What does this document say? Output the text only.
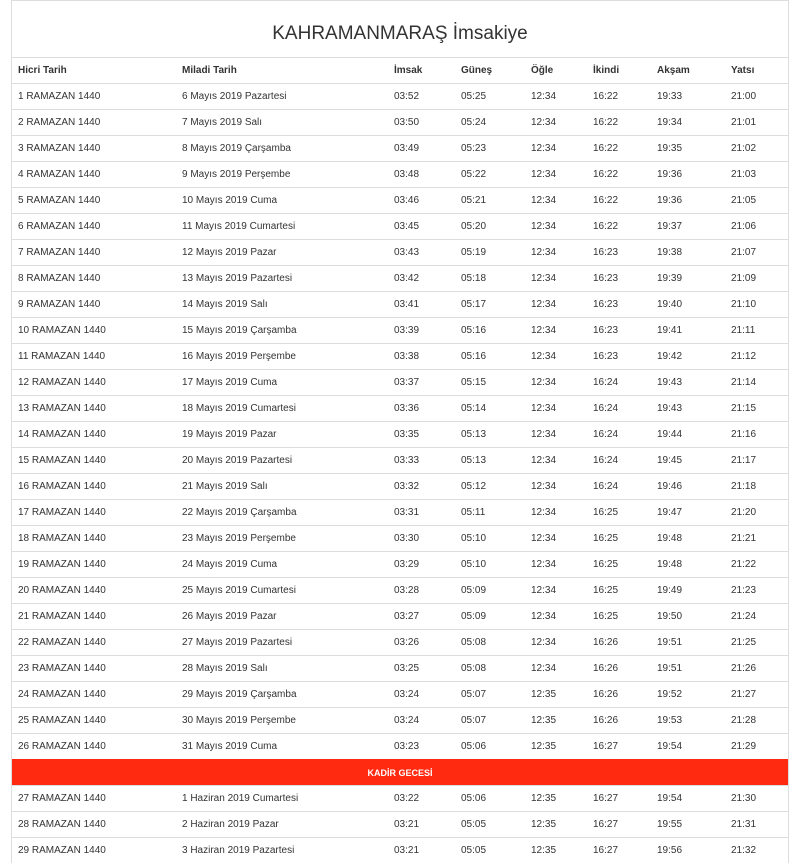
KAHRAMANMARAŞ İmsakiye
Hicri Tarih	Miladi Tarih	İmsak	Güneş	Öğle	İkindi	Akşam	Yatsı
1 RAMAZAN 1440	6 Mayıs 2019 Pazartesi	03:52	05:25	12:34	16:22	19:33	21:00
2 RAMAZAN 1440	7 Mayıs 2019 Salı	03:50	05:24	12:34	16:22	19:34	21:01
3 RAMAZAN 1440	8 Mayıs 2019 Çarşamba	03:49	05:23	12:34	16:22	19:35	21:02
4 RAMAZAN 1440	9 Mayıs 2019 Perşembe	03:48	05:22	12:34	16:22	19:36	21:03
5 RAMAZAN 1440	10 Mayıs 2019 Cuma	03:46	05:21	12:34	16:22	19:36	21:05
6 RAMAZAN 1440	11 Mayıs 2019 Cumartesi	03:45	05:20	12:34	16:22	19:37	21:06
7 RAMAZAN 1440	12 Mayıs 2019 Pazar	03:43	05:19	12:34	16:23	19:38	21:07
8 RAMAZAN 1440	13 Mayıs 2019 Pazartesi	03:42	05:18	12:34	16:23	19:39	21:09
9 RAMAZAN 1440	14 Mayıs 2019 Salı	03:41	05:17	12:34	16:23	19:40	21:10
10 RAMAZAN 1440	15 Mayıs 2019 Çarşamba	03:39	05:16	12:34	16:23	19:41	21:11
11 RAMAZAN 1440	16 Mayıs 2019 Perşembe	03:38	05:16	12:34	16:23	19:42	21:12
12 RAMAZAN 1440	17 Mayıs 2019 Cuma	03:37	05:15	12:34	16:24	19:43	21:14
13 RAMAZAN 1440	18 Mayıs 2019 Cumartesi	03:36	05:14	12:34	16:24	19:43	21:15
14 RAMAZAN 1440	19 Mayıs 2019 Pazar	03:35	05:13	12:34	16:24	19:44	21:16
15 RAMAZAN 1440	20 Mayıs 2019 Pazartesi	03:33	05:13	12:34	16:24	19:45	21:17
16 RAMAZAN 1440	21 Mayıs 2019 Salı	03:32	05:12	12:34	16:24	19:46	21:18
17 RAMAZAN 1440	22 Mayıs 2019 Çarşamba	03:31	05:11	12:34	16:25	19:47	21:20
18 RAMAZAN 1440	23 Mayıs 2019 Perşembe	03:30	05:10	12:34	16:25	19:48	21:21
19 RAMAZAN 1440	24 Mayıs 2019 Cuma	03:29	05:10	12:34	16:25	19:48	21:22
20 RAMAZAN 1440	25 Mayıs 2019 Cumartesi	03:28	05:09	12:34	16:25	19:49	21:23
21 RAMAZAN 1440	26 Mayıs 2019 Pazar	03:27	05:09	12:34	16:25	19:50	21:24
22 RAMAZAN 1440	27 Mayıs 2019 Pazartesi	03:26	05:08	12:34	16:26	19:51	21:25
23 RAMAZAN 1440	28 Mayıs 2019 Salı	03:25	05:08	12:34	16:26	19:51	21:26
24 RAMAZAN 1440	29 Mayıs 2019 Çarşamba	03:24	05:07	12:35	16:26	19:52	21:27
25 RAMAZAN 1440	30 Mayıs 2019 Perşembe	03:24	05:07	12:35	16:26	19:53	21:28
26 RAMAZAN 1440	31 Mayıs 2019 Cuma	03:23	05:06	12:35	16:27	19:54	21:29
KADİR GECESİ							
27 RAMAZAN 1440	1 Haziran 2019 Cumartesi	03:22	05:06	12:35	16:27	19:54	21:30
28 RAMAZAN 1440	2 Haziran 2019 Pazar	03:21	05:05	12:35	16:27	19:55	21:31
29 RAMAZAN 1440	3 Haziran 2019 Pazartesi	03:21	05:05	12:35	16:27	19:56	21:32
